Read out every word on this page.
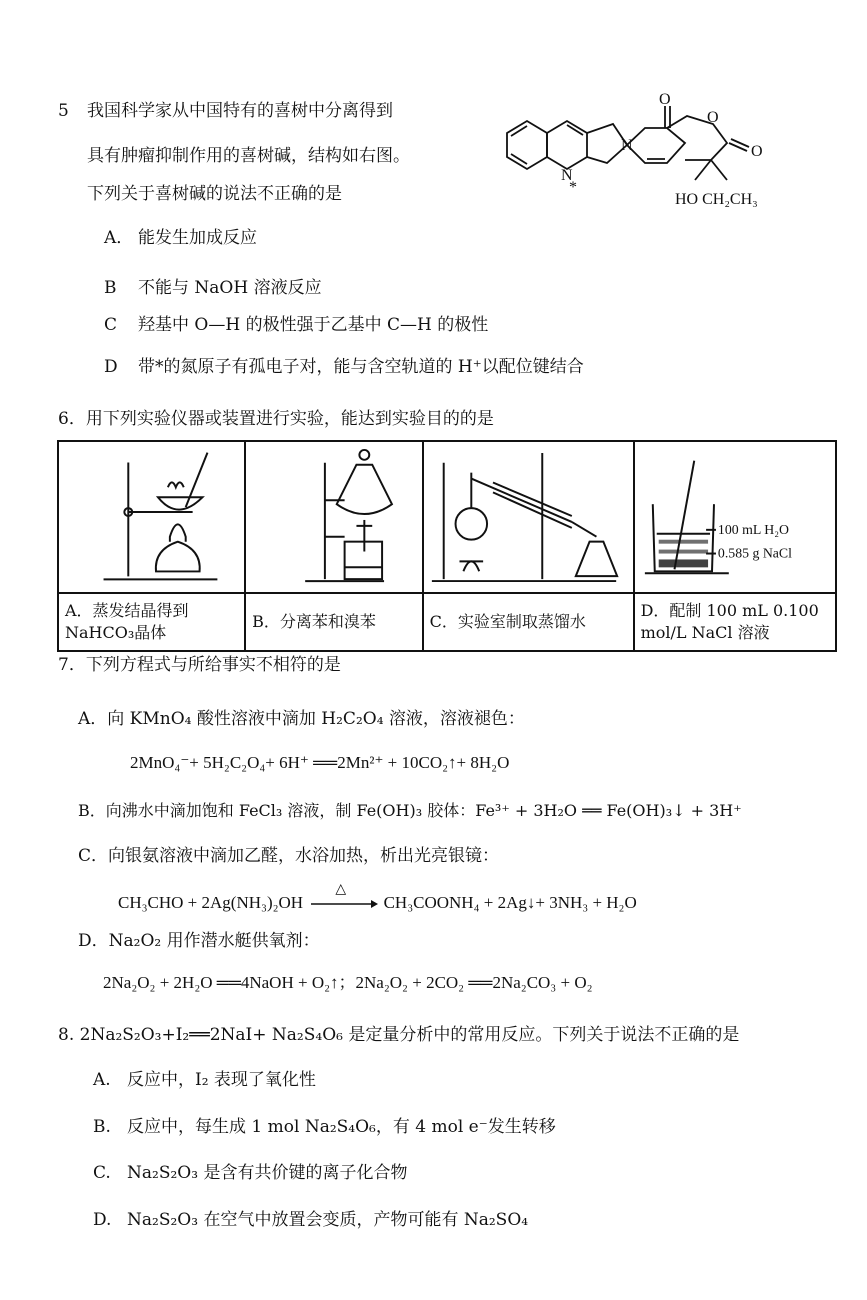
5 我国科学家从中国特有的喜树中分离得到
具有肿瘤抑制作用的喜树碱，结构如右图。
下列关于喜树碱的说法不正确的是
O
O
O
N
*
N
HO CH₂CH₃
A． 能发生加成反应
B 不能与 NaOH 溶液反应
C 羟基中 O—H 的极性强于乙基中 C—H 的极性
D 带*的氮原子有孤电子对，能与含空轨道的 H⁺以配位键结合
6．用下列实验仪器或装置进行实验，能达到实验目的的是

100 mL H₂O
0.585 g NaCl

A．蒸发结晶得到 NaHCO₃晶体	B．分离苯和溴苯	C．实验室制取蒸馏水	D．配制 100 mL 0.100 mol/L NaCl 溶液
7．下列方程式与所给事实不相符的是
A．向 KMnO₄ 酸性溶液中滴加 H₂C₂O₄ 溶液，溶液褪色：
2MnO₄⁻+ 5H₂C₂O₄+ 6H⁺ ══2Mn²⁺ + 10CO₂↑+ 8H₂O
B．向沸水中滴加饱和 FeCl₃ 溶液，制 Fe(OH)₃ 胶体：Fe³⁺ + 3H₂O ══ Fe(OH)₃↓ + 3H⁺
C．向银氨溶液中滴加乙醛，水浴加热，析出光亮银镜：
CH₃CHO + 2Ag(NH₃)₂OH
△
CH₃COONH₄ + 2Ag↓+ 3NH₃ + H₂O
D．Na₂O₂ 用作潜水艇供氧剂：
2Na₂O₂ + 2H₂O ══4NaOH + O₂↑；2Na₂O₂ + 2CO₂ ══2Na₂CO₃ + O₂
8. 2Na₂S₂O₃+I₂══2NaI+ Na₂S₄O₆ 是定量分析中的常用反应。下列关于说法不正确的是
A. 反应中，I₂ 表现了氧化性
B. 反应中，每生成 1 mol Na₂S₄O₆，有 4 mol e⁻发生转移
C. Na₂S₂O₃ 是含有共价键的离子化合物
D. Na₂S₂O₃ 在空气中放置会变质，产物可能有 Na₂SO₄
